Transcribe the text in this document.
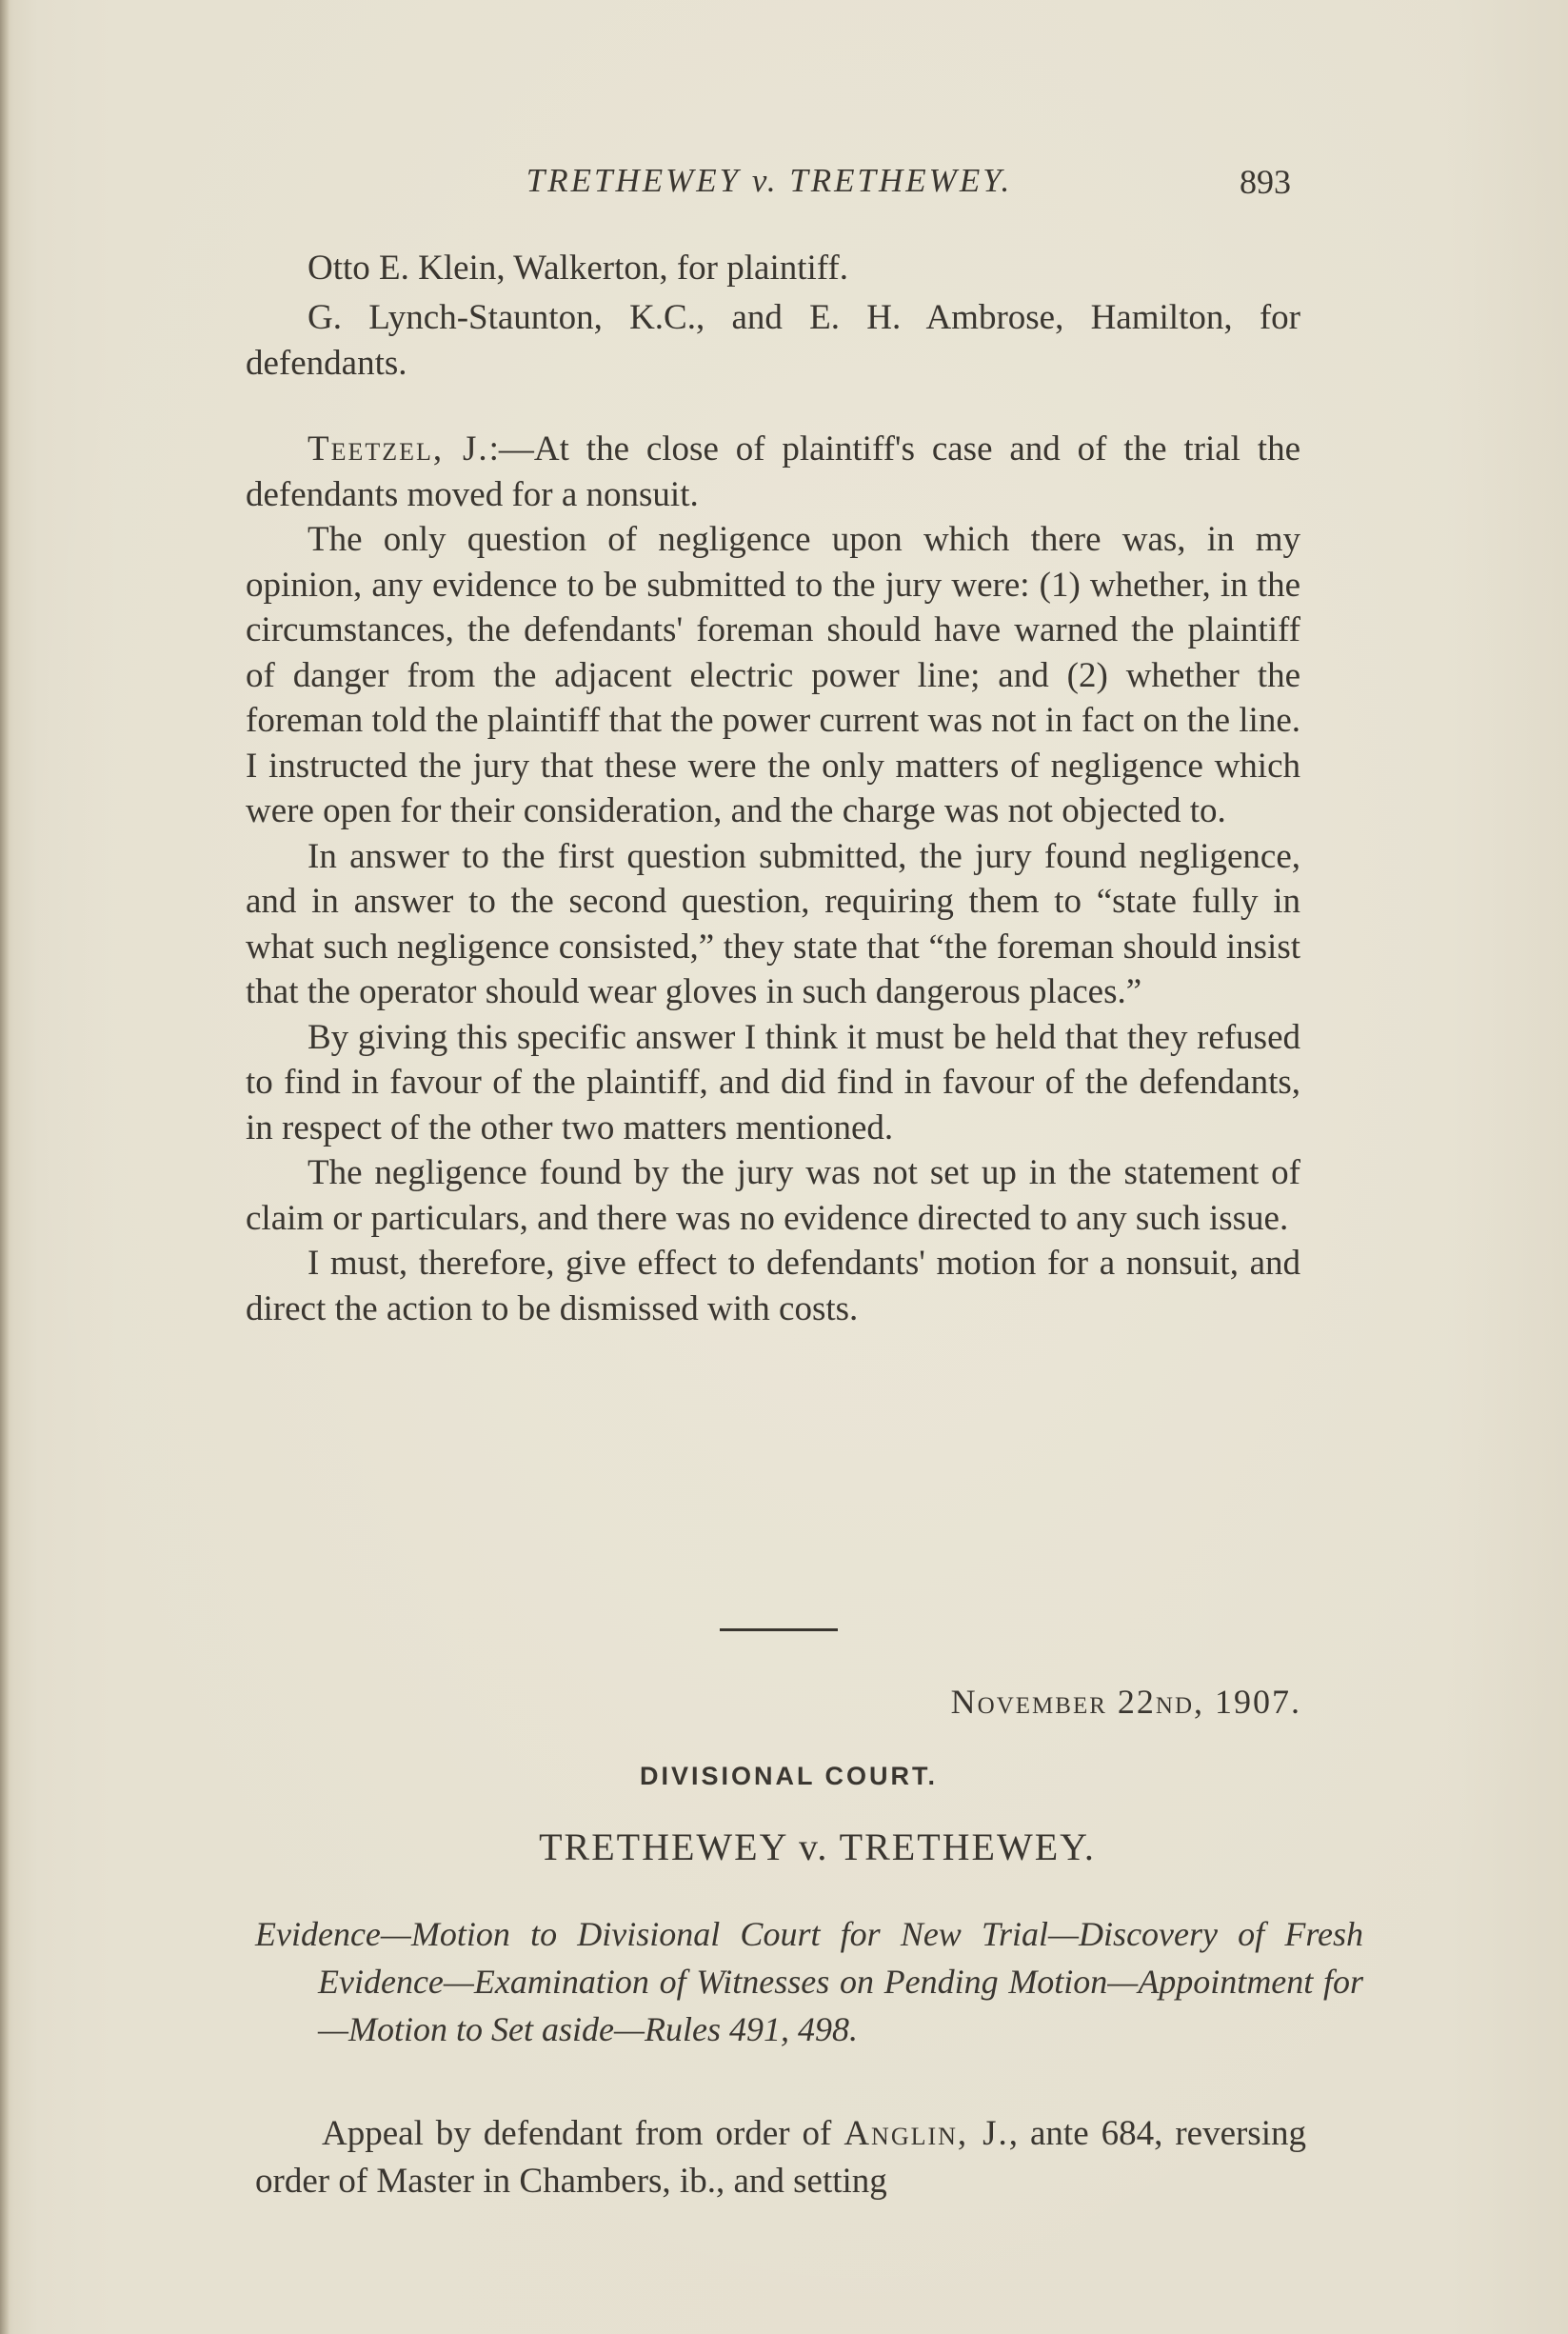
TRETHEWEY v. TRETHEWEY.	893

Otto E. Klein, Walkerton, for plaintiff.

G. Lynch-Staunton, K.C., and E. H. Ambrose, Hamilton, for defendants.

Teetzel, J.:—At the close of plaintiff's case and of the trial the defendants moved for a nonsuit.

The only question of negligence upon which there was, in my opinion, any evidence to be submitted to the jury were: (1) whether, in the circumstances, the defendants' foreman should have warned the plaintiff of danger from the adjacent electric power line; and (2) whether the foreman told the plaintiff that the power current was not in fact on the line. I instructed the jury that these were the only matters of negligence which were open for their consideration, and the charge was not objected to.

In answer to the first question submitted, the jury found negligence, and in answer to the second question, requiring them to “state fully in what such negligence consisted,” they state that “the foreman should insist that the operator should wear gloves in such dangerous places.”

By giving this specific answer I think it must be held that they refused to find in favour of the plaintiff, and did find in favour of the defendants, in respect of the other two matters mentioned.

The negligence found by the jury was not set up in the statement of claim or particulars, and there was no evidence directed to any such issue.

I must, therefore, give effect to defendants' motion for a nonsuit, and direct the action to be dismissed with costs.

November 22nd, 1907.
DIVISIONAL COURT.
TRETHEWEY v. TRETHEWEY.

Evidence—Motion to Divisional Court for New Trial—Discovery of Fresh Evidence—Examination of Witnesses on Pending Motion—Appointment for—Motion to Set aside—Rules 491, 498.

Appeal by defendant from order of Anglin, J., ante 684, reversing order of Master in Chambers, ib., and setting
